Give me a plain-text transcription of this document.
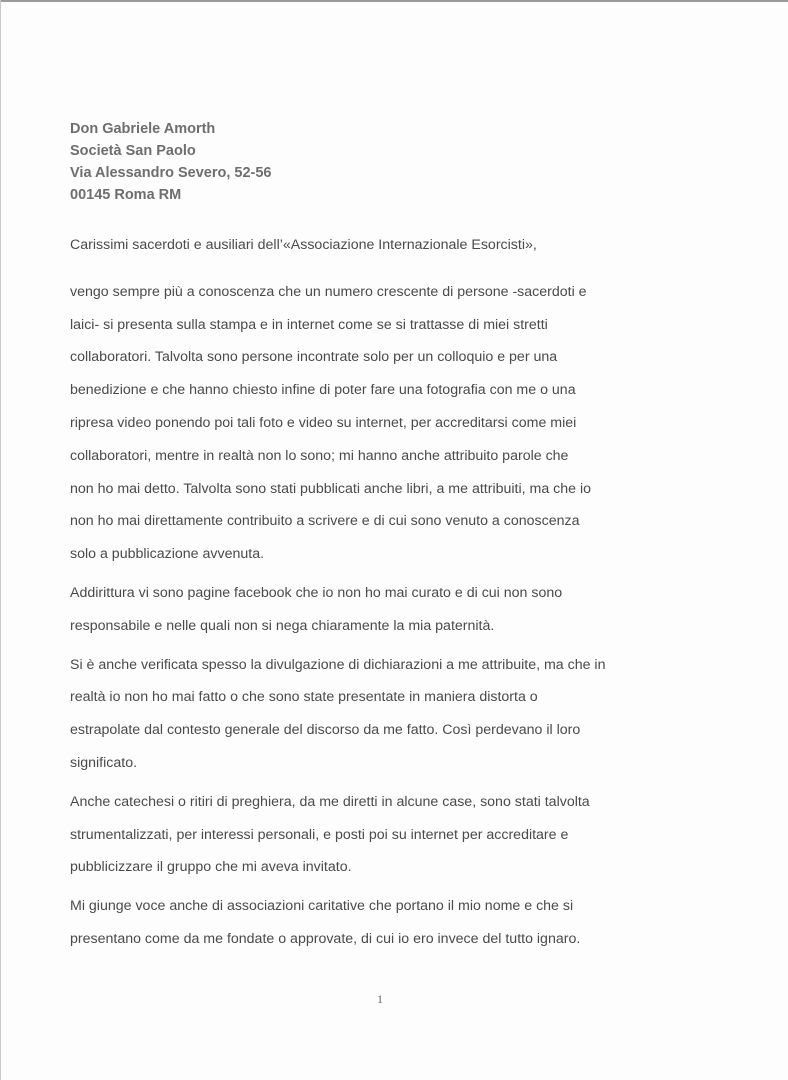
Don Gabriele Amorth
Società San Paolo
Via Alessandro Severo, 52-56
00145 Roma RM
Carissimi sacerdoti e ausiliari dell’«Associazione Internazionale Esorcisti»,
vengo sempre più a conoscenza che un numero crescente di persone -sacerdoti e
laici- si presenta sulla stampa e in internet come se si trattasse di miei stretti
collaboratori. Talvolta sono persone incontrate solo per un colloquio e per una
benedizione e che hanno chiesto infine di poter fare una fotografia con me o una
ripresa video ponendo poi tali foto e video su internet, per accreditarsi come miei
collaboratori, mentre in realtà non lo sono; mi hanno anche attribuito parole che
non ho mai detto. Talvolta sono stati pubblicati anche libri, a me attribuiti, ma che io
non ho mai direttamente contribuito a scrivere e di cui sono venuto a conoscenza
solo a pubblicazione avvenuta.
Addirittura vi sono pagine facebook che io non ho mai curato e di cui non sono
responsabile e nelle quali non si nega chiaramente la mia paternità.
Si è anche verificata spesso la divulgazione di dichiarazioni a me attribuite, ma che in
realtà io non ho mai fatto o che sono state presentate in maniera distorta o
estrapolate dal contesto generale del discorso da me fatto. Così perdevano il loro
significato.
Anche catechesi o ritiri di preghiera, da me diretti in alcune case, sono stati talvolta
strumentalizzati, per interessi personali, e posti poi su internet per accreditare e
pubblicizzare il gruppo che mi aveva invitato.
Mi giunge voce anche di associazioni caritative che portano il mio nome e che si
presentano come da me fondate o approvate, di cui io ero invece del tutto ignaro.
1
